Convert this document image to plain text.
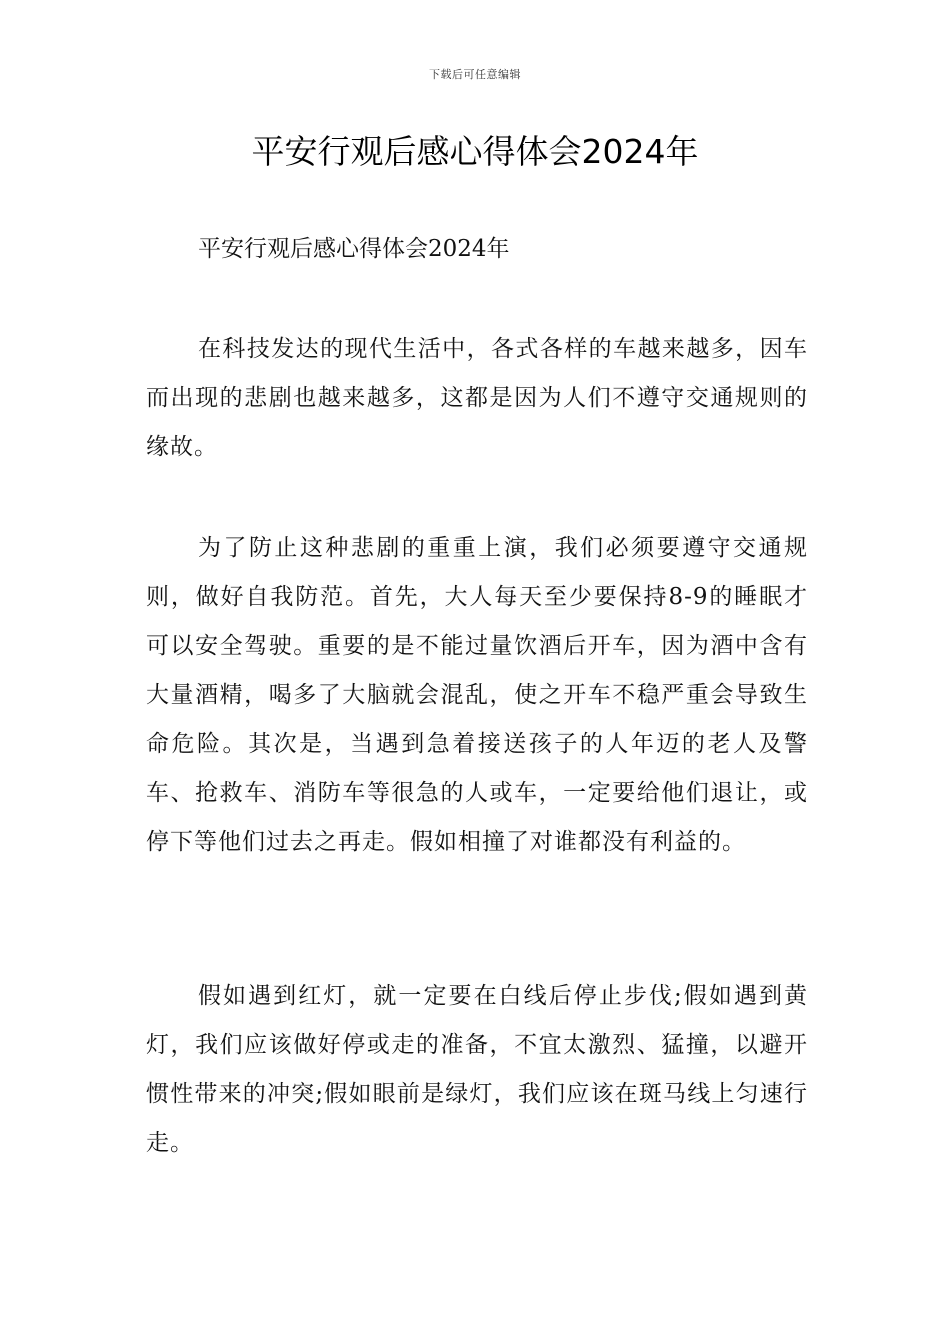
下载后可任意编辑
平安行观后感心得体会2024年

平安行观后感心得体会2024年

在科技发达的现代生活中，各式各样的车越来越多，因车而出现的悲剧也越来越多，这都是因为人们不遵守交通规则的缘故。

为了防止这种悲剧的重重上演，我们必须要遵守交通规则，做好自我防范。首先，大人每天至少要保持8-9的睡眠才可以安全驾驶。重要的是不能过量饮酒后开车，因为酒中含有大量酒精，喝多了大脑就会混乱，使之开车不稳严重会导致生命危险。其次是，当遇到急着接送孩子的人年迈的老人及警车、抢救车、消防车等很急的人或车，一定要给他们退让，或停下等他们过去之再走。假如相撞了对谁都没有利益的。

假如遇到红灯，就一定要在白线后停止步伐;假如遇到黄灯，我们应该做好停或走的准备，不宜太激烈、猛撞，以避开惯性带来的冲突;假如眼前是绿灯，我们应该在斑马线上匀速行走。
